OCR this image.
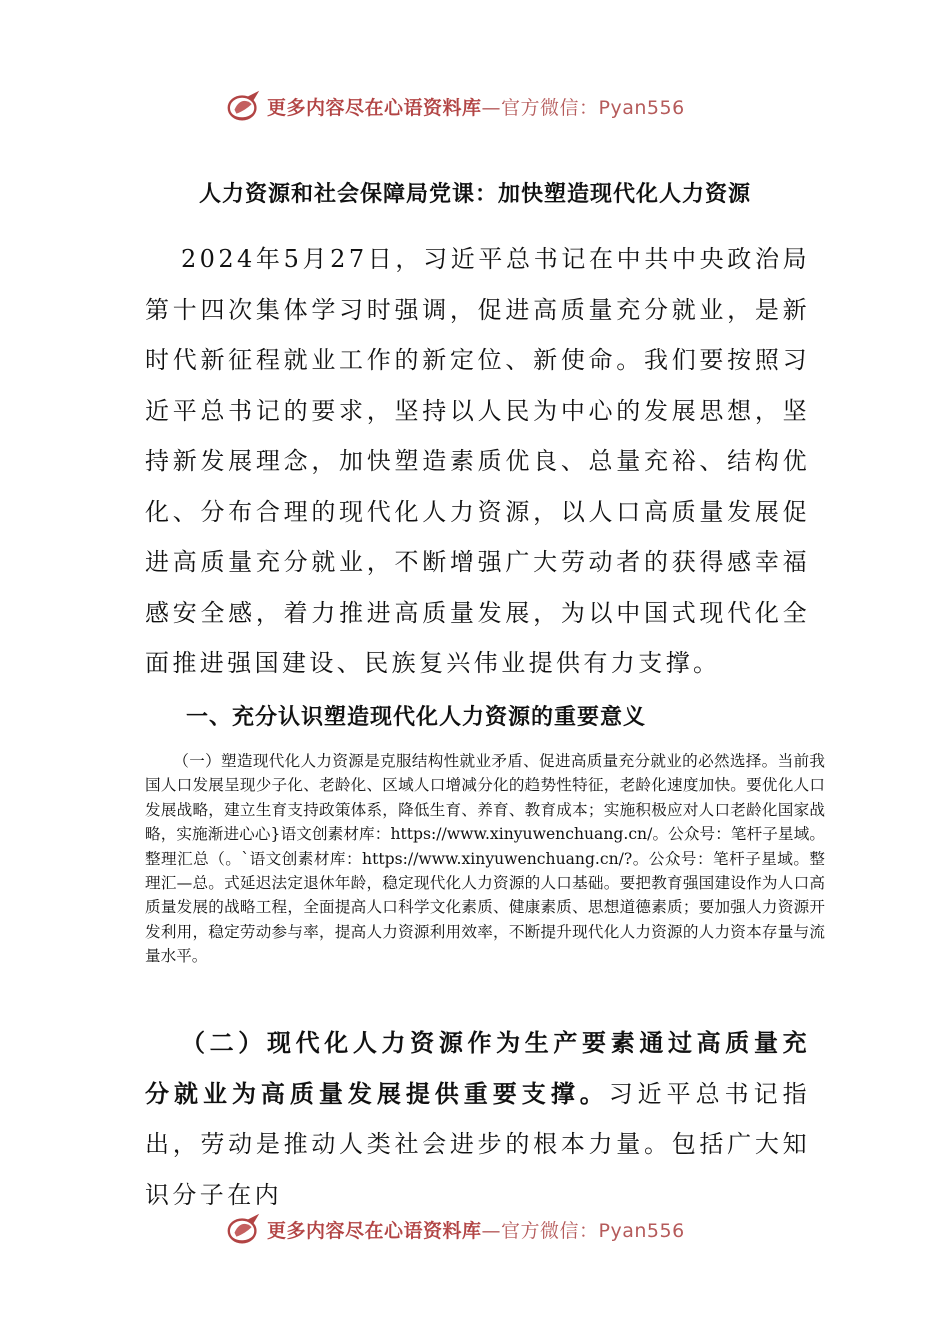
更多内容尽在心语资料库—官方微信：Pyan556
人力资源和社会保障局党课：加快塑造现代化人力资源

2024年5月27日，习近平总书记在中共中央政治局第十四次集体学习时强调，促进高质量充分就业，是新时代新征程就业工作的新定位、新使命。我们要按照习近平总书记的要求，坚持以人民为中心的发展思想，坚持新发展理念，加快塑造素质优良、总量充裕、结构优化、分布合理的现代化人力资源，以人口高质量发展促进高质量充分就业，不断增强广大劳动者的获得感幸福感安全感，着力推进高质量发展，为以中国式现代化全面推进强国建设、民族复兴伟业提供有力支撑。

一、充分认识塑造现代化人力资源的重要意义

（一）塑造现代化人力资源是克服结构性就业矛盾、促进高质量充分就业的必然选择。当前我国人口发展呈现少子化、老龄化、区域人口增减分化的趋势性特征，老龄化速度加快。要优化人口发展战略，建立生育支持政策体系，降低生育、养育、教育成本；实施积极应对人口老龄化国家战略，实施渐进心心}语文创素材库：https://www.xinyuwenchuang.cn/。公众号：笔杆子星域。整理汇总（。`语文创素材库：https://www.xinyuwenchuang.cn/?。公众号：笔杆子星域。整理汇—总。式延迟法定退休年龄，稳定现代化人力资源的人口基础。要把教育强国建设作为人口高质量发展的战略工程，全面提高人口科学文化素质、健康素质、思想道德素质；要加强人力资源开发利用，稳定劳动参与率，提高人力资源利用效率，不断提升现代化人力资源的人力资本存量与流量水平。

（二）现代化人力资源作为生产要素通过高质量充分就业为高质量发展提供重要支撑。习近平总书记指出，劳动是推动人类社会进步的根本力量。包括广大知识分子在内

更多内容尽在心语资料库—官方微信：Pyan556
